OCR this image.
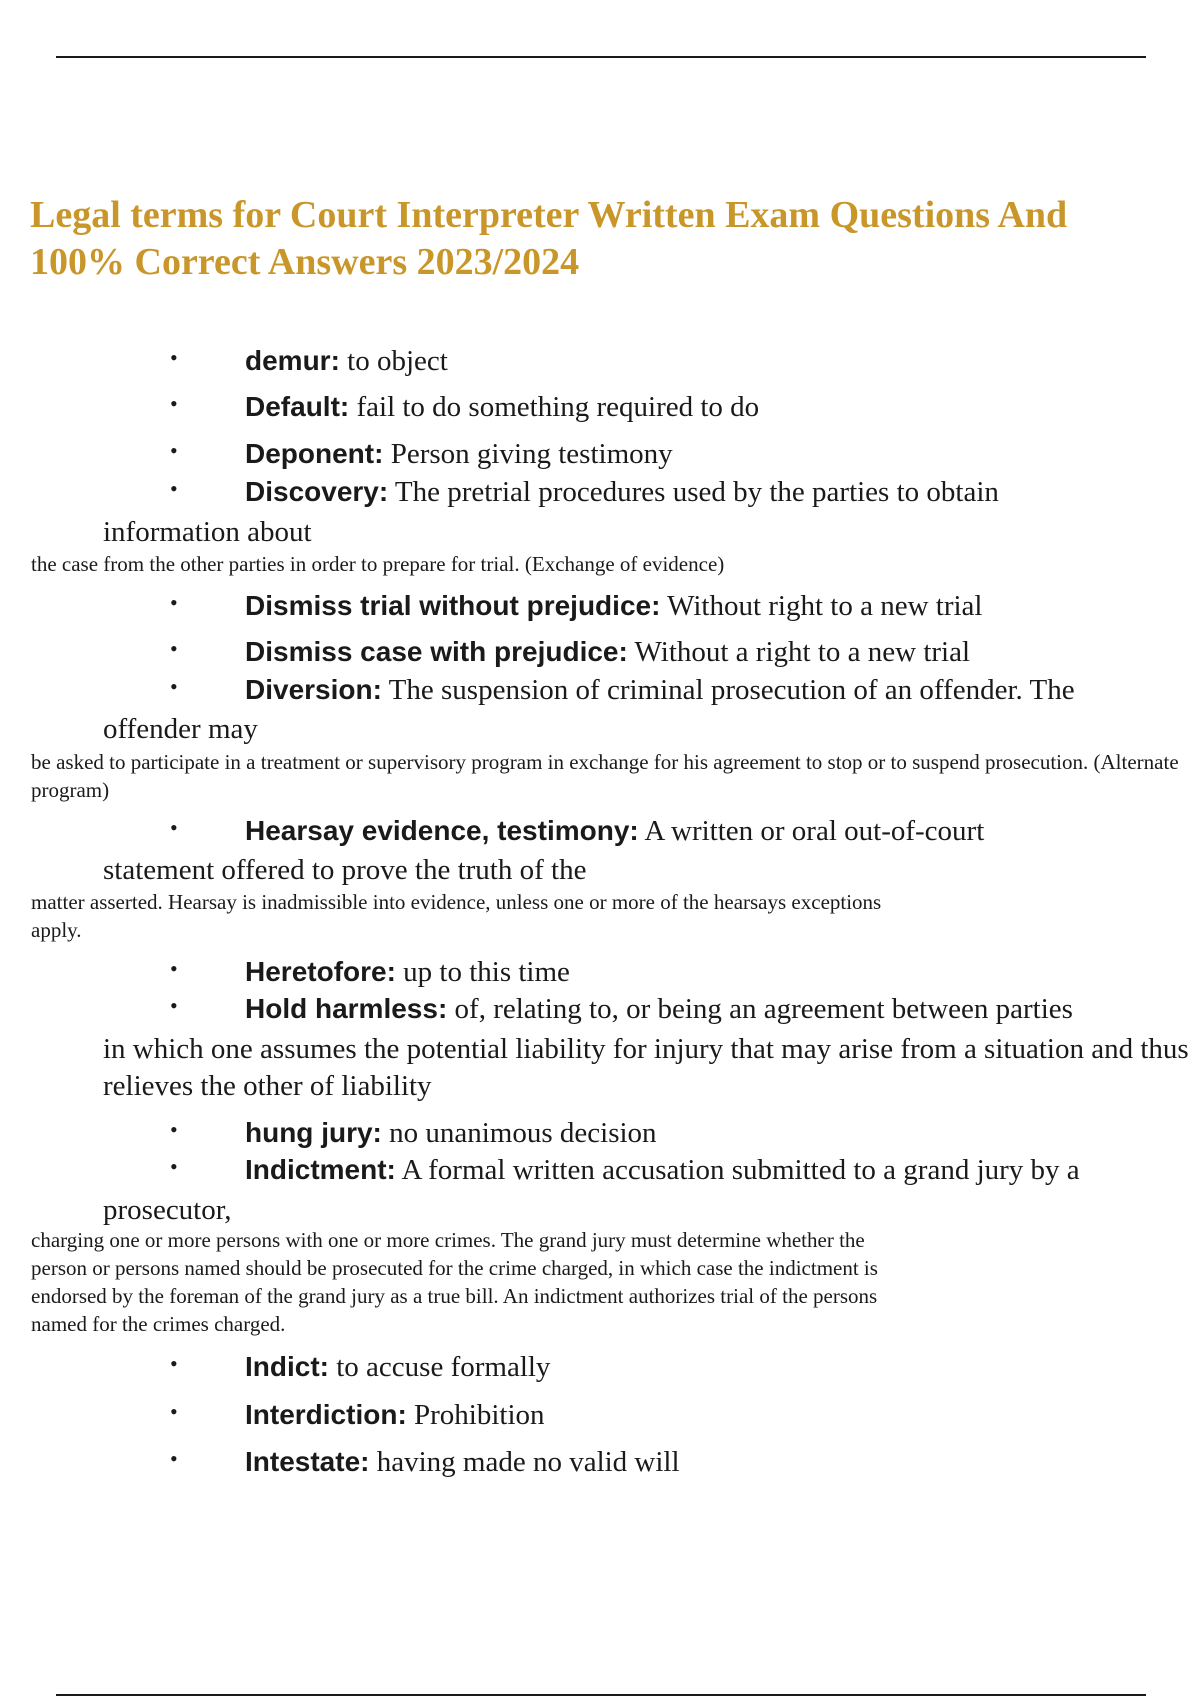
Legal terms for Court Interpreter Written Exam Questions And 100% Correct Answers 2023/2024
• demur: to object
• Default: fail to do something required to do
• Deponent: Person giving testimony
• Discovery: The pretrial procedures used by the parties to obtain
information about
the case from the other parties in order to prepare for trial. (Exchange of evidence)
• Dismiss trial without prejudice: Without right to a new trial
• Dismiss case with prejudice: Without a right to a new trial
• Diversion: The suspension of criminal prosecution of an offender. The
offender may
be asked to participate in a treatment or supervisory program in exchange for his agreement to stop or to suspend prosecution. (Alternate program)
• Hearsay evidence, testimony: A written or oral out-of-court
statement offered to prove the truth of the
matter asserted. Hearsay is inadmissible into evidence, unless one or more of the hearsays exceptions apply.
• Heretofore: up to this time
• Hold harmless: of, relating to, or being an agreement between parties
in which one assumes the potential liability for injury that may arise from a situation and thus relieves the other of liability
• hung jury: no unanimous decision
• Indictment: A formal written accusation submitted to a grand jury by a
prosecutor,
charging one or more persons with one or more crimes. The grand jury must determine whether the person or persons named should be prosecuted for the crime charged, in which case the indictment is endorsed by the foreman of the grand jury as a true bill. An indictment authorizes trial of the persons named for the crimes charged.
• Indict: to accuse formally
• Interdiction: Prohibition
• Intestate: having made no valid will
